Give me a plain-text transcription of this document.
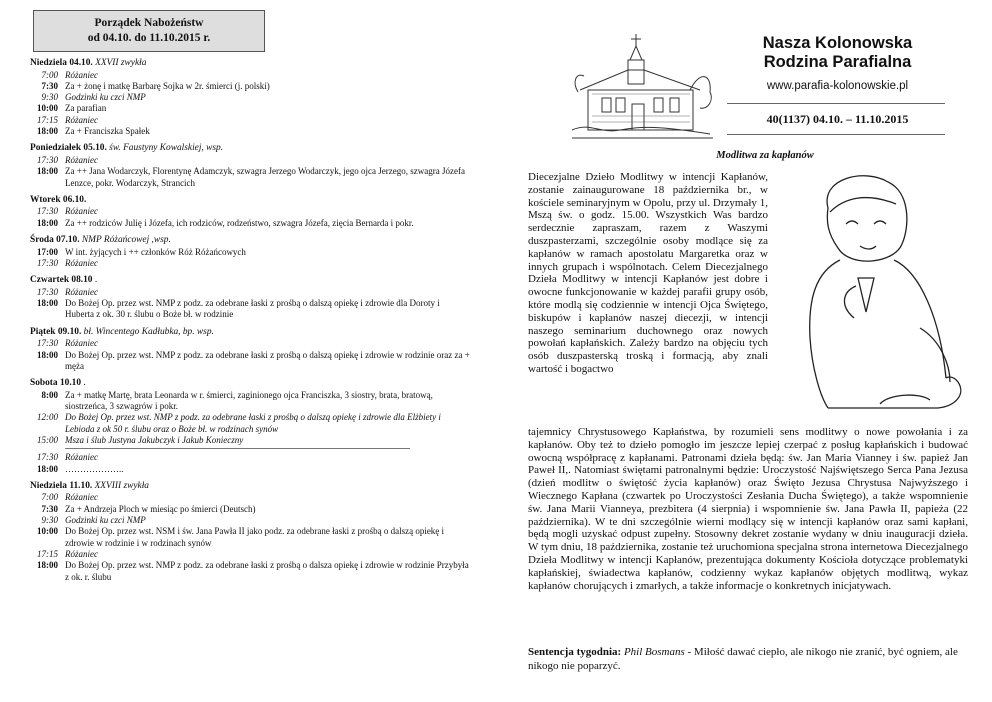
Porządek Nabożeństw
od 04.10. do 11.10.2015 r.
Niedziela 04.10. XXVII zwykła
7:00 Różaniec
7:30 Za + żonę i matkę Barbarę Sojka w 2r. śmierci (j. polski)
9:30 Godzinki ku czci NMP
10:00 Za parafian
17:15 Różaniec
18:00 Za + Franciszka Spałek
Poniedziałek 05.10. św. Faustyny Kowalskiej, wsp.
17:30 Różaniec
18:00 Za ++ Jana Wodarczyk, Florentynę Adamczyk, szwagra Jerzego Wodarczyk, jego ojca Jerzego, szwagra Józefa Lenzce, pokr. Wodarczyk, Strancich
Wtorek 06.10.
17:30 Różaniec
18:00 Za ++ rodziców Julię i Józefa, ich rodziców, rodzeństwo, szwagra Józefa, zięcia Bernarda i pokr.
Środa 07.10. NMP Różańcowej ,wsp.
17:00 W int. żyjących i ++ członków Róż Różańcowych
17:30 Różaniec
Czwartek 08.10 .
17:30 Różaniec
18:00 Do Bożej Op. przez wst. NMP z podz. za odebrane łaski z prośbą o dalszą opiekę i zdrowie dla Doroty i Huberta z ok. 30 r. ślubu o Boże bł. w rodzinie
Piątek 09.10. bł. Wincentego Kadłubka, bp. wsp.
17:30 Różaniec
18:00 Do Bożej Op. przez wst. NMP z podz. za odebrane łaski z prośbą o dalszą opiekę i zdrowie w rodzinie oraz za + męża
Sobota 10.10 .
8:00 Za + matkę Martę, brata Leonarda w r. śmierci, zaginionego ojca Franciszka, 3 siostry, brata, bratową, siostrzeńca, 3 szwagrów i pokr.
12:00 Do Bożej Op. przez wst. NMP z podz. za odebrane łaski z prośbą o dalszą opiekę i zdrowie dla Elżbiety i Lebioda z ok 50 r. ślubu oraz o Boże bł. w rodzinach synów
15:00 Msza i ślub Justyna Jakubczyk i Jakub Konieczny
17:30 Różaniec
18:00 ………………..
Niedziela 11.10. XXVIII zwykła
7:00 Różaniec
7:30 Za + Andrzeja Ploch w miesiąc po śmierci (Deutsch)
9:30 Godzinki ku czci NMP
10:00 Do Bożej Op. przez wst. NSM i św. Jana Pawła II jako podz. za odebrane łaski z prośbą o dalszą opiekę i zdrowie w rodzinie i w rodzinach synów
17:15 Różaniec
18:00 Do Bożej Op. przez wst. NMP z podz. za odebrane łaski z prośbą o dalsza opiekę i zdrowie w rodzinie Przybyła z ok. r. ślubu
Nasza Kolonowska
Rodzina Parafialna
www.parafia-kolonowskie.pl
40(1137) 04.10. – 11.10.2015
Modlitwa za kapłanów
Diecezjalne Dzieło Modlitwy w intencji Kapłanów, zostanie zainaugurowane 18 października br., w kościele seminaryjnym w Opolu, przy ul. Drzymały 1, Mszą św. o godz. 15.00. Wszystkich Was bardzo serdecznie zapraszam, razem z Waszymi duszpasterzami, szczególnie osoby modlące się za kapłanów w ramach apostolatu Margaretka oraz w innych grupach i wspólnotach. Celem Diecezjalnego Dzieła Modlitwy w intencji Kapłanów jest dobre i owocne funkcjonowanie w każdej parafii grupy osób, które modlą się codziennie w intencji Ojca Świętego, biskupów i kapłanów naszej diecezji, w intencji naszego seminarium duchownego oraz nowych powołań kapłańskich. Zależy bardzo na objęciu tych osób duszpasterską troską i formacją, aby znali wartość i bogactwo
tajemnicy Chrystusowego Kapłaństwa, by rozumieli sens modlitwy o nowe powołania i za kapłanów. Oby też to dzieło pomogło im jeszcze lepiej czerpać z posług kapłańskich i budować owocną współpracę z kapłanami. Patronami dzieła będą: św. Jan Maria Vianney i św. papież Jan Paweł II,. Natomiast świętami patronalnymi będzie: Uroczystość Najświętszego Serca Pana Jezusa (dzień modlitw o świętość życia kapłanów) oraz Święto Jezusa Chrystusa Najwyższego i Wiecznego Kapłana (czwartek po Uroczystości Zesłania Ducha Świętego), a także wspomnienie św. Jana Marii Vianneya, prezbitera (4 sierpnia) i wspomnienie św. Jana Pawła II, papieża (22 października). W te dni szczególnie wierni modlący się w intencji kapłanów oraz sami kapłani, będą mogli uzyskać odpust zupełny. Stosowny dekret zostanie wydany w dniu inauguracji dzieła. W tym dniu, 18 października, zostanie też uruchomiona specjalna strona internetowa Diecezjalnego Dzieła Modlitwy w intencji Kapłanów, prezentująca dokumenty Kościoła dotyczące problematyki kapłańskiej, świadectwa kapłanów, codzienny wykaz kapłanów objętych modlitwą, wykaz kapłanów chorujących i zmarłych, a także informacje o konkretnych inicjatywach.
Sentencja tygodnia: Phil Bosmans - Miłość dawać ciepło, ale nikogo nie zranić, być ogniem, ale nikogo nie poparzyć.
